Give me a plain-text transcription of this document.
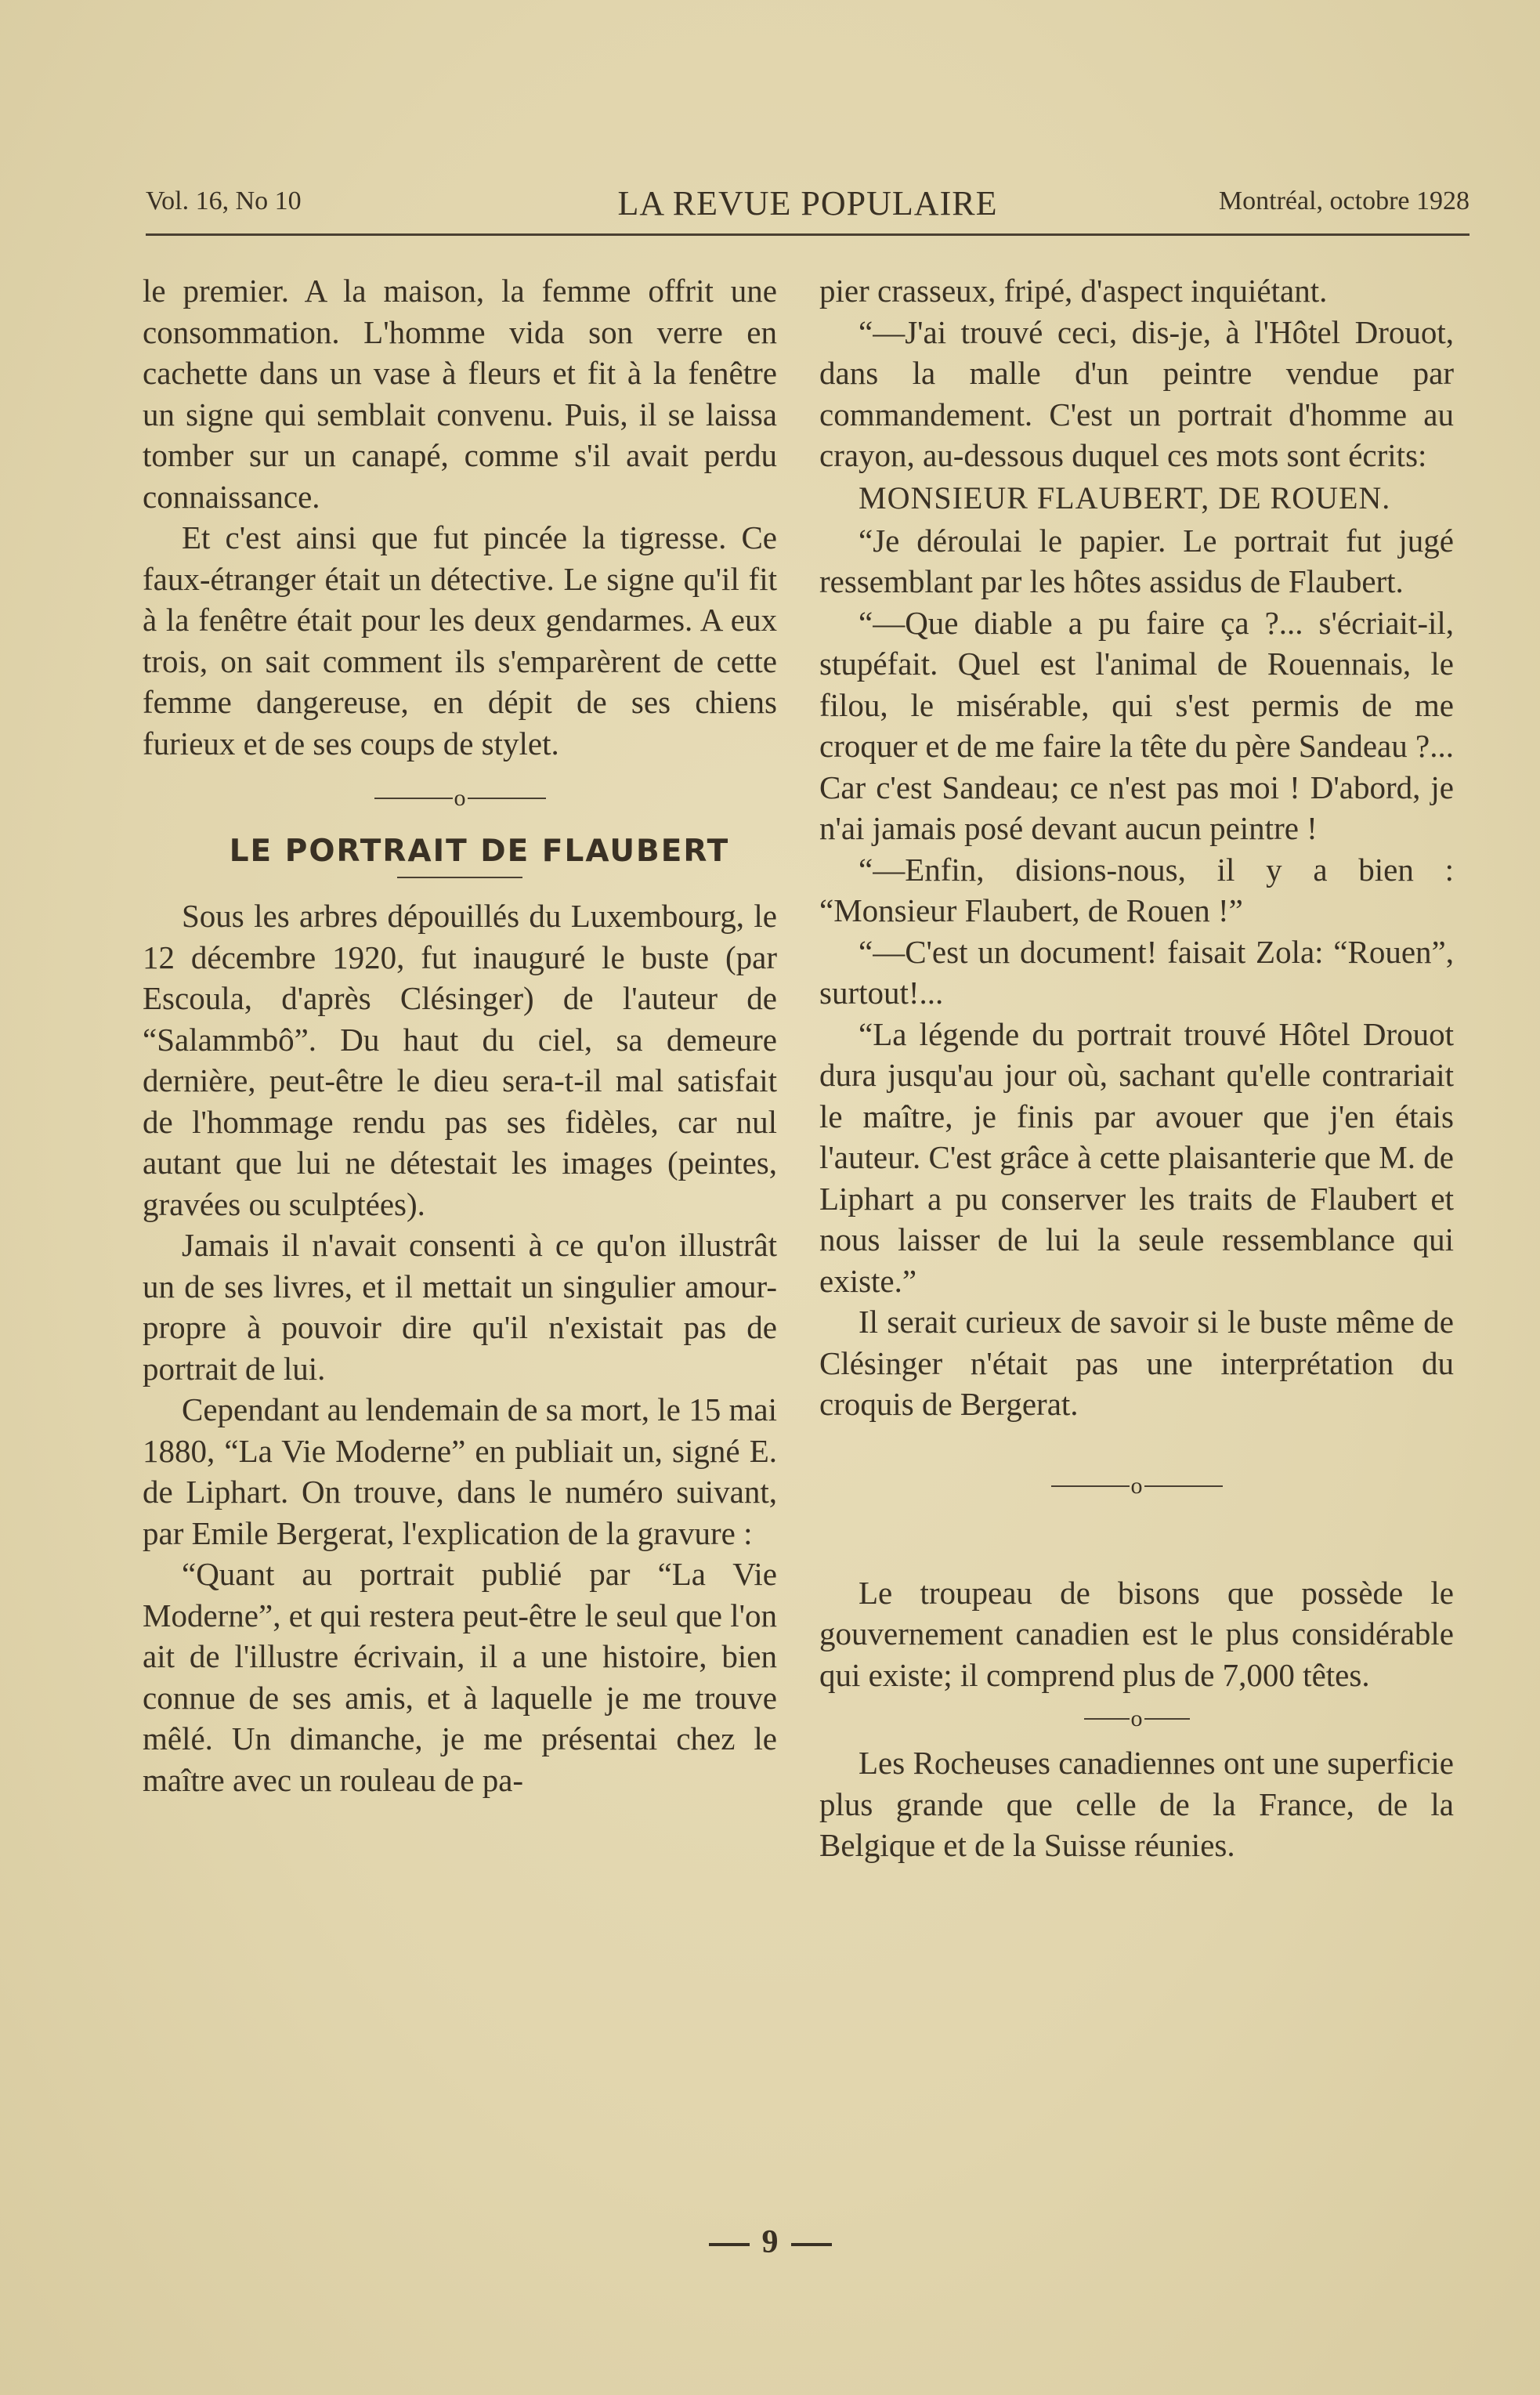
Vol. 16, No 10	LA REVUE POPULAIRE	Montréal, octobre 1928

le premier. A la maison, la femme offrit une consommation. L'homme vida son verre en cachette dans un vase à fleurs et fit à la fenêtre un signe qui semblait convenu. Puis, il se laissa tomber sur un canapé, comme s'il avait perdu connaissance.

Et c'est ainsi que fut pincée la tigresse. Ce faux-étranger était un détective. Le signe qu'il fit à la fenêtre était pour les deux gendarmes. A eux trois, on sait comment ils s'emparèrent de cette femme dangereuse, en dépit de ses chiens furieux et de ses coups de stylet.

o

LE PORTRAIT DE FLAUBERT

Sous les arbres dépouillés du Luxembourg, le 12 décembre 1920, fut inauguré le buste (par Escoula, d'après Clésinger) de l'auteur de “Salammbô”. Du haut du ciel, sa demeure dernière, peut-être le dieu sera-t-il mal satisfait de l'hommage rendu pas ses fidèles, car nul autant que lui ne détestait les images (peintes, gravées ou sculptées).

Jamais il n'avait consenti à ce qu'on illustrât un de ses livres, et il mettait un singulier amour-propre à pouvoir dire qu'il n'existait pas de portrait de lui.

Cependant au lendemain de sa mort, le 15 mai 1880, “La Vie Moderne” en publiait un, signé E. de Liphart. On trouve, dans le numéro suivant, par Emile Bergerat, l'explication de la gravure :

“Quant au portrait publié par “La Vie Moderne”, et qui restera peut-être le seul que l'on ait de l'illustre écrivain, il a une histoire, bien connue de ses amis, et à laquelle je me trouve mêlé. Un dimanche, je me présentai chez le maître avec un rouleau de pa-

pier crasseux, fripé, d'aspect inquiétant.

“—J'ai trouvé ceci, dis-je, à l'Hôtel Drouot, dans la malle d'un peintre vendue par commandement. C'est un portrait d'homme au crayon, au-dessous duquel ces mots sont écrits:

MONSIEUR FLAUBERT, DE ROUEN.

“Je déroulai le papier. Le portrait fut jugé ressemblant par les hôtes assidus de Flaubert.

“—Que diable a pu faire ça ?... s'écriait-il, stupéfait. Quel est l'animal de Rouennais, le filou, le misérable, qui s'est permis de me croquer et de me faire la tête du père Sandeau ?... Car c'est Sandeau; ce n'est pas moi ! D'abord, je n'ai jamais posé devant aucun peintre !

“—Enfin, disions-nous, il y a bien : “Monsieur Flaubert, de Rouen !”

“—C'est un document! faisait Zola: “Rouen”, surtout!...

“La légende du portrait trouvé Hôtel Drouot dura jusqu'au jour où, sachant qu'elle contrariait le maître, je finis par avouer que j'en étais l'auteur. C'est grâce à cette plaisanterie que M. de Liphart a pu conserver les traits de Flaubert et nous laisser de lui la seule ressemblance qui existe.”

Il serait curieux de savoir si le buste même de Clésinger n'était pas une interprétation du croquis de Bergerat.

o

Le troupeau de bisons que possède le gouvernement canadien est le plus considérable qui existe; il comprend plus de 7,000 têtes.

o

Les Rocheuses canadiennes ont une superficie plus grande que celle de la France, de la Belgique et de la Suisse réunies.

9
